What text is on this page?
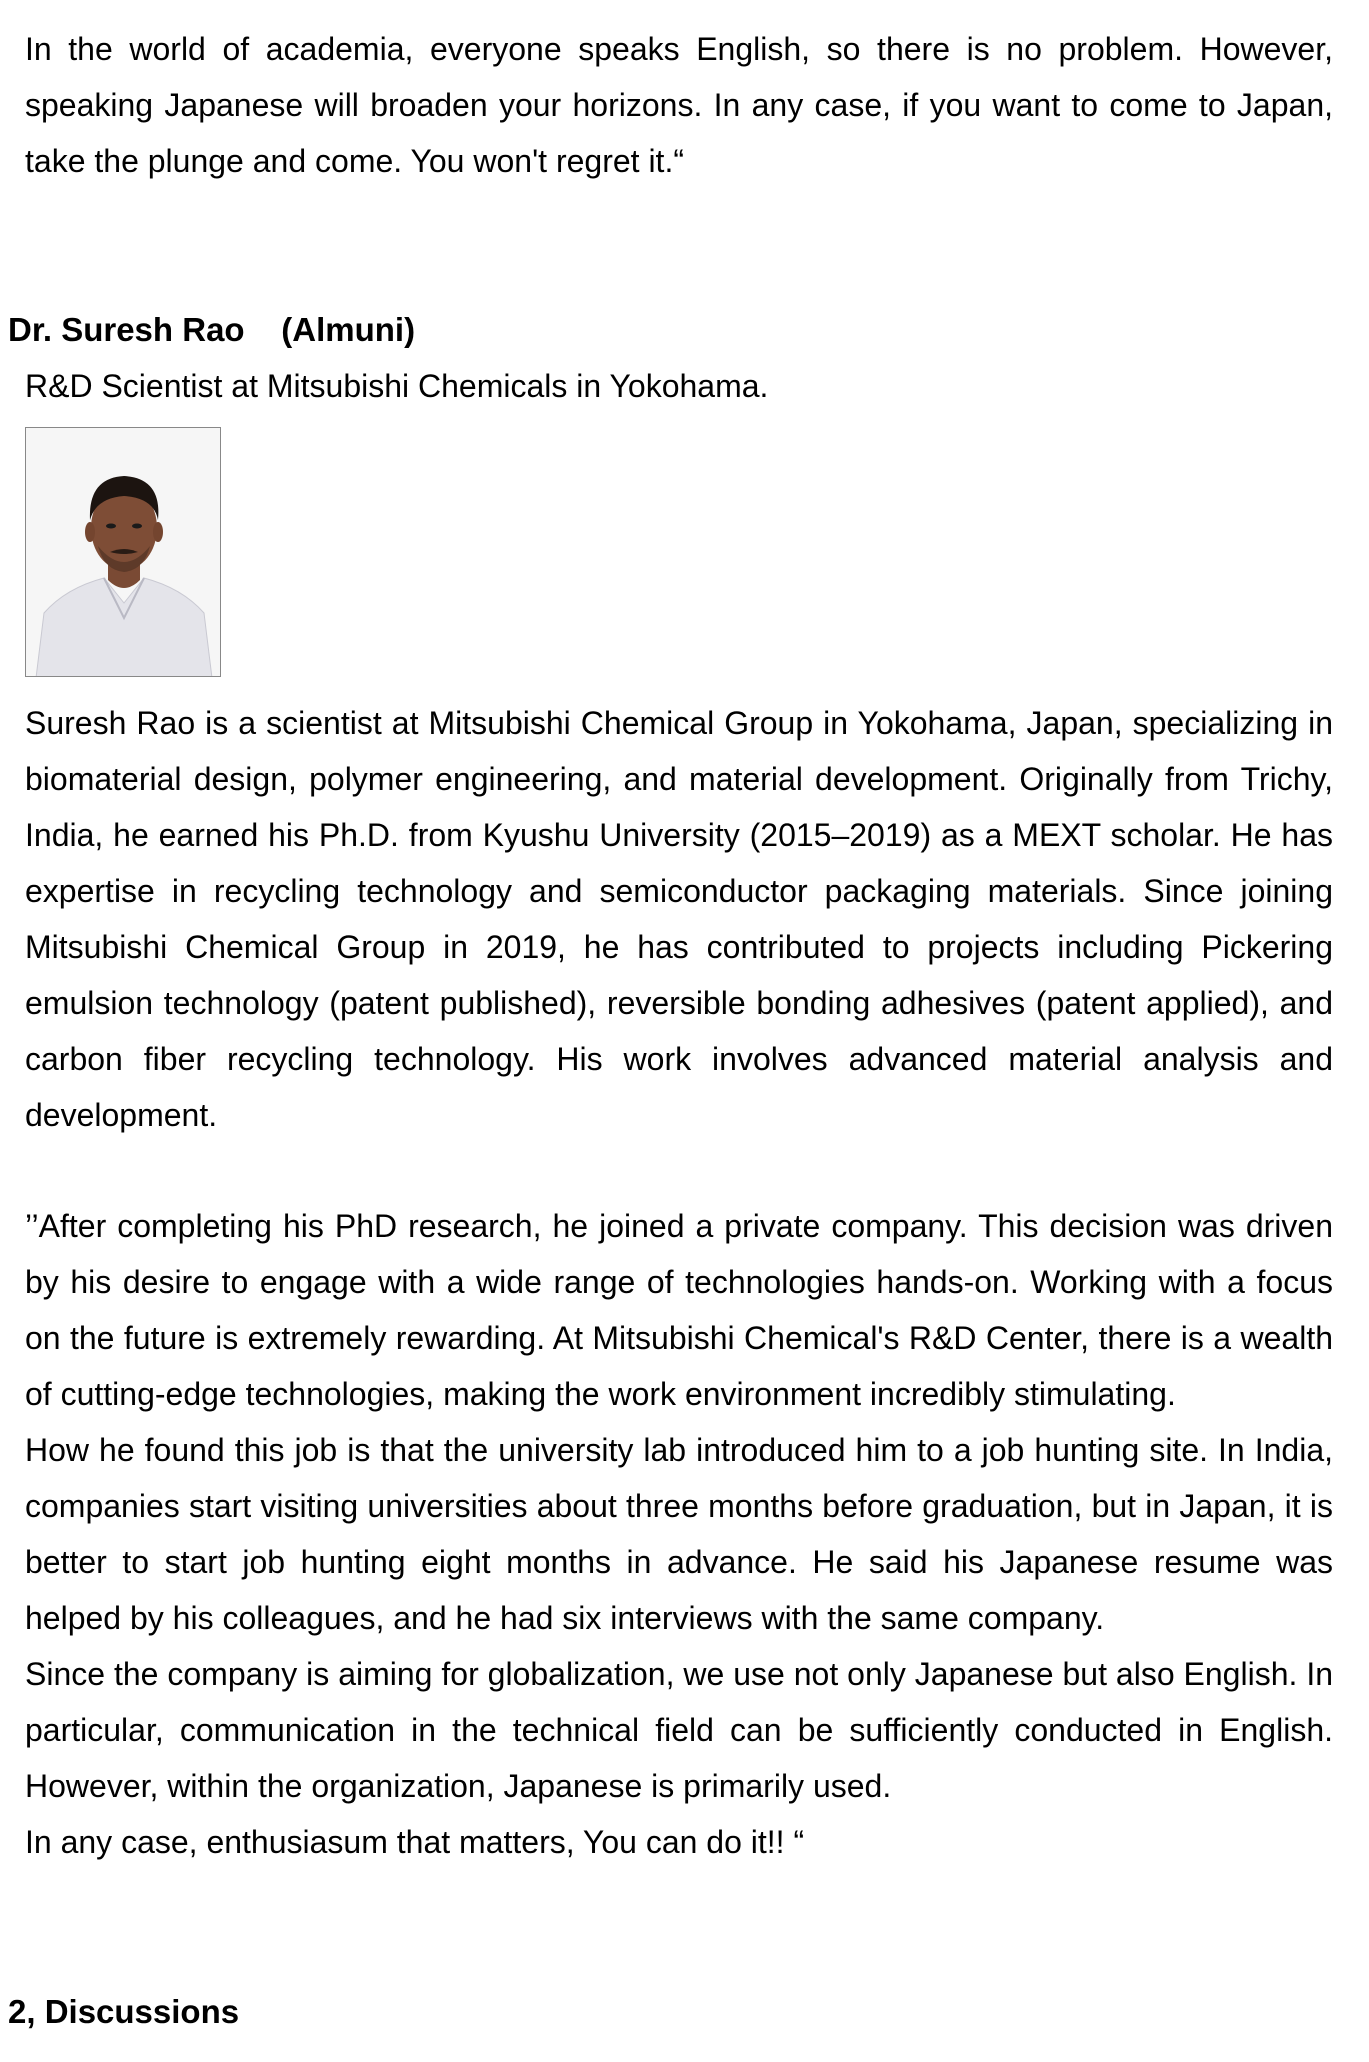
In the world of academia, everyone speaks English, so there is no problem. However, speaking Japanese will broaden your horizons. In any case, if you want to come to Japan, take the plunge and come. You won't regret it.“

Dr. Suresh Rao (Almuni)

R&D Scientist at Mitsubishi Chemicals in Yokohama.

Suresh Rao is a scientist at Mitsubishi Chemical Group in Yokohama, Japan, specializing in biomaterial design, polymer engineering, and material development. Originally from Trichy, India, he earned his Ph.D. from Kyushu University (2015–2019) as a MEXT scholar. He has expertise in recycling technology and semiconductor packaging materials. Since joining Mitsubishi Chemical Group in 2019, he has contributed to projects including Pickering emulsion technology (patent published), reversible bonding adhesives (patent applied), and carbon fiber recycling technology. His work involves advanced material analysis and development.

’’After completing his PhD research, he joined a private company. This decision was driven by his desire to engage with a wide range of technologies hands-on. Working with a focus on the future is extremely rewarding. At Mitsubishi Chemical's R&D Center, there is a wealth of cutting-edge technologies, making the work environment incredibly stimulating.

How he found this job is that the university lab introduced him to a job hunting site. In India, companies start visiting universities about three months before graduation, but in Japan, it is better to start job hunting eight months in advance. He said his Japanese resume was helped by his colleagues, and he had six interviews with the same company.

Since the company is aiming for globalization, we use not only Japanese but also English. In particular, communication in the technical field can be sufficiently conducted in English. However, within the organization, Japanese is primarily used.

In any case, enthusiasum that matters, You can do it!! “

2, Discussions
